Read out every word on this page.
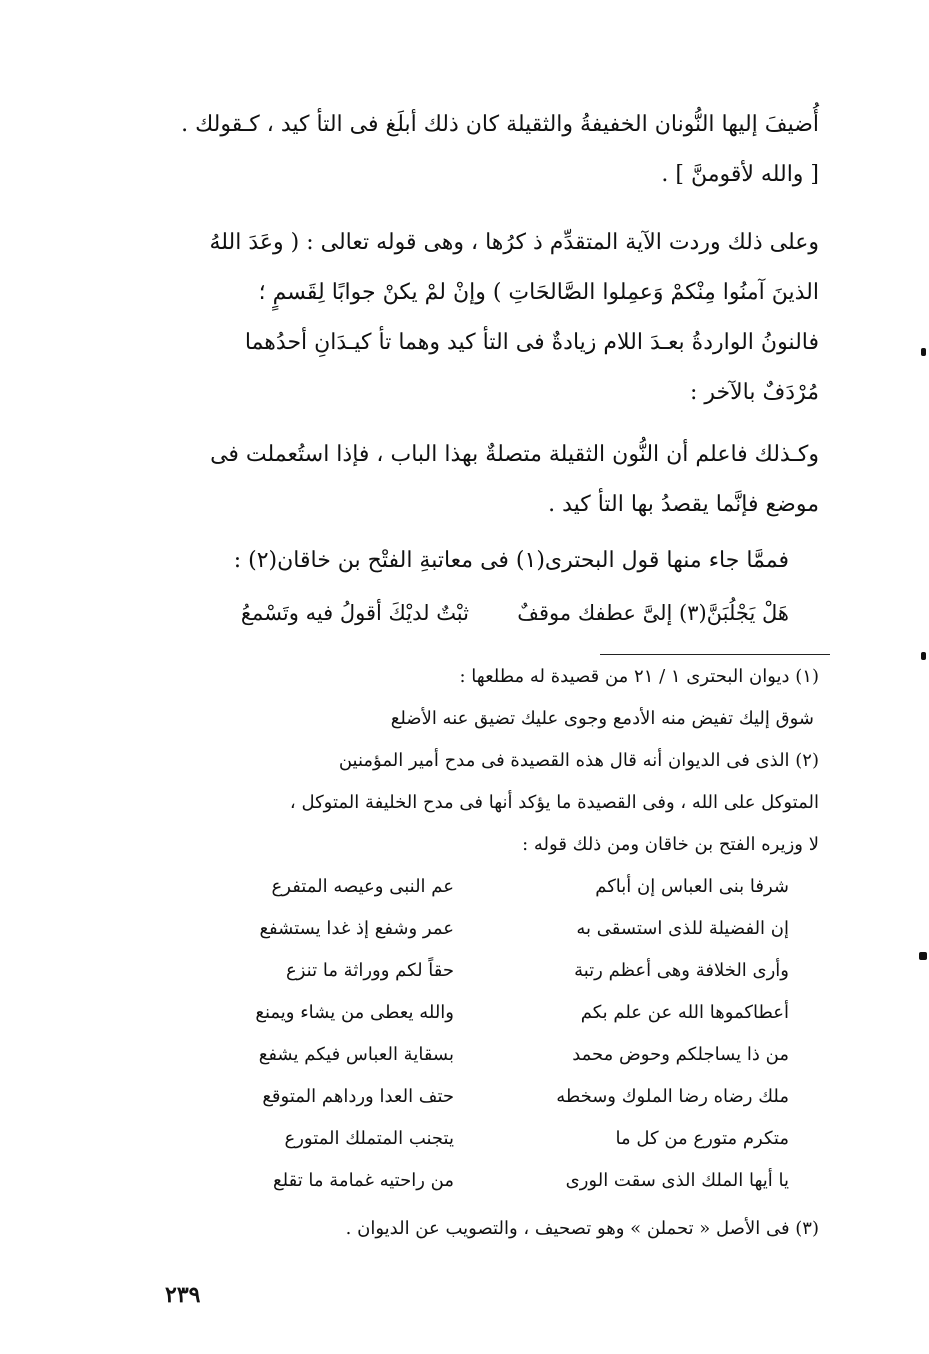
أُضيفَ إليها النُّونان الخفيفةُ والثقيلة كان ذلك أبلَغ فى التأ كيد ، كـقولك .
[ والله لأقومنَّ ] .
وعلى ذلك وردت الآية المتقدِّم ذ كرُها ، وهى قوله تعالى : ( وعَدَ اللهُ
الذينَ آمنُوا مِنْكمْ وَعمِلوا الصَّالحَاتِ ) وإنْ لمْ يكنْ جوابًا لِقَسمٍ ؛
فالنونُ الواردةُ بعـدَ اللام زيادةٌ فى التأ كيد وهما تأ كيـدَانِ أحدُهما
مُرْدَفٌ بالآخر :
وكـذلك فاعلم أن النُّون الثقيلة متصلةٌ بهذا الباب ، فإذا استُعملت فى
موضع فإنَّما يقصدُ بها التأ كيد .
فممَّا جاء منها قول البحترى(١) فى معاتبةِ الفتْح بن خاقان(٢) :
هَلْ يَجْلُبَنَّ(٣) إلىَّ عطفك موقفٌ
ثبْتٌ لديْكَ أقولُ فيه وتَسْمعُ
(١) ديوان البحترى ١ / ٢١ من قصيدة له مطلعها :
شوق إليك تفيض منه الأدمع وجوى عليك تضيق عنه الأضلع
(٢) الذى فى الديوان أنه قال هذه القصيدة فى مدح أمير المؤمنين
المتوكل على الله ، وفى القصيدة ما يؤكد أنها فى مدح الخليفة المتوكل ،
لا وزيره الفتح بن خاقان ومن ذلك قوله :
شرفا بنى العباس إن أباكم
عم النبى وعيصه المتفرع
إن الفضيلة للذى استسقى به
عمر وشفع إذ غدا يستشفع
وأرى الخلافة وهى أعظم رتبة
حقاً لكم ووراثة ما تنزع
أعطاكموها الله عن علم بكم
والله يعطى من يشاء ويمنع
من ذا يساجلكم وحوض محمد
بسقاية العباس فيكم يشفع
ملك رضاه رضا الملوك وسخطه
حتف العدا ورداهم المتوقع
متكرم متورع من كل ما
يتجنب المتملك المتورع
يا أيها الملك الذى سقت الورى
من راحتيه غمامة ما تقلع
(٣) فى الأصل « تحملن » وهو تصحيف ، والتصويب عن الديوان .
٢٣٩
